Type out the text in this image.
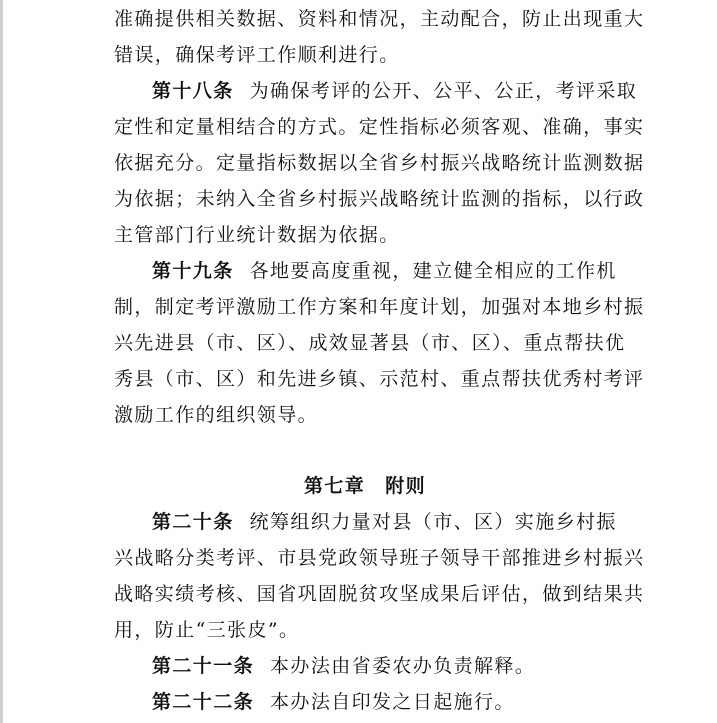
准确提供相关数据、资料和情况，主动配合，防止出现重大
错误，确保考评工作顺利进行。
第十八条 为确保考评的公开、公平、公正，考评采取
定性和定量相结合的方式。定性指标必须客观、准确，事实
依据充分。定量指标数据以全省乡村振兴战略统计监测数据
为依据；未纳入全省乡村振兴战略统计监测的指标，以行政
主管部门行业统计数据为依据。
第十九条 各地要高度重视，建立健全相应的工作机
制，制定考评激励工作方案和年度计划，加强对本地乡村振
兴先进县（市、区）、成效显著县（市、区）、重点帮扶优
秀县（市、区）和先进乡镇、示范村、重点帮扶优秀村考评
激励工作的组织领导。
第七章 附则
第二十条 统筹组织力量对县（市、区）实施乡村振
兴战略分类考评、市县党政领导班子领导干部推进乡村振兴
战略实绩考核、国省巩固脱贫攻坚成果后评估，做到结果共
用，防止“三张皮”。
第二十一条 本办法由省委农办负责解释。
第二十二条 本办法自印发之日起施行。
